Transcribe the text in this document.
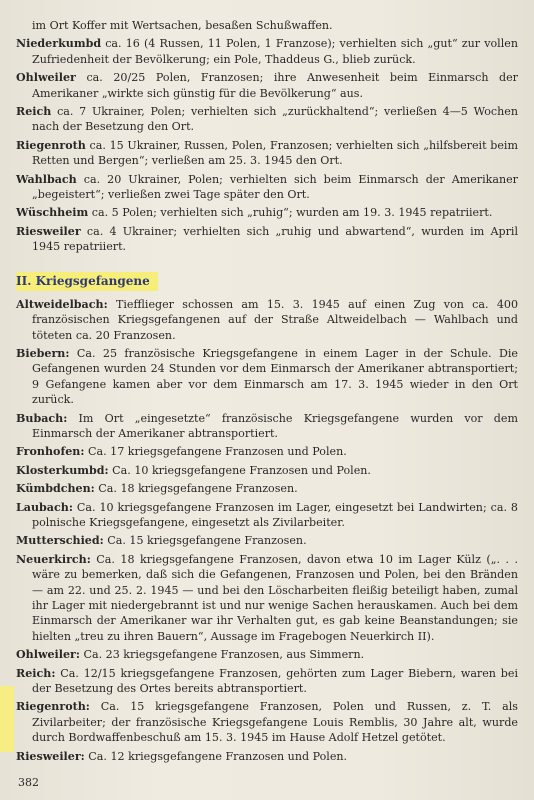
im Ort Koffer mit Wertsachen, besaßen Schußwaffen.

Niederkumbd ca. 16 (4 Russen, 11 Polen, 1 Franzose); verhielten sich „gut“ zur vollen Zufriedenheit der Bevölkerung; ein Pole, Thaddeus G., blieb zurück.

Ohlweiler ca. 20/25 Polen, Franzosen; ihre Anwesenheit beim Einmarsch der Amerikaner „wirkte sich günstig für die Bevölkerung“ aus.

Reich ca. 7 Ukrainer, Polen; verhielten sich „zurückhaltend“; verließen 4—5 Wochen nach der Besetzung den Ort.

Riegenroth ca. 15 Ukrainer, Russen, Polen, Franzosen; verhielten sich „hilfsbereit beim Retten und Bergen“; verließen am 25. 3. 1945 den Ort.

Wahlbach ca. 20 Ukrainer, Polen; verhielten sich beim Einmarsch der Amerikaner „begeistert“; verließen zwei Tage später den Ort.

Wüschheim ca. 5 Polen; verhielten sich „ruhig“; wurden am 19. 3. 1945 repatriiert.

Riesweiler ca. 4 Ukrainer; verhielten sich „ruhig und abwartend“, wurden im April 1945 repatriiert.

II. Kriegsgefangene

Altweidelbach: Tiefflieger schossen am 15. 3. 1945 auf einen Zug von ca. 400 französischen Kriegsgefangenen auf der Straße Altweidelbach — Wahlbach und töteten ca. 20 Franzosen.

Biebern: Ca. 25 französische Kriegsgefangene in einem Lager in der Schule. Die Gefangenen wurden 24 Stunden vor dem Einmarsch der Amerikaner abtransportiert; 9 Gefangene kamen aber vor dem Einmarsch am 17. 3. 1945 wieder in den Ort zurück.

Bubach: Im Ort „eingesetzte“ französische Kriegsgefangene wurden vor dem Einmarsch der Amerikaner abtransportiert.

Fronhofen: Ca. 17 kriegsgefangene Franzosen und Polen.

Klosterkumbd: Ca. 10 kriegsgefangene Franzosen und Polen.

Kümbdchen: Ca. 18 kriegsgefangene Franzosen.

Laubach: Ca. 10 kriegsgefangene Franzosen im Lager, eingesetzt bei Landwirten; ca. 8 polnische Kriegsgefangene, eingesetzt als Zivilarbeiter.

Mutterschied: Ca. 15 kriegsgefangene Franzosen.

Neuerkirch: Ca. 18 kriegsgefangene Franzosen, davon etwa 10 im Lager Külz („. . . wäre zu bemerken, daß sich die Gefangenen, Franzosen und Polen, bei den Bränden — am 22. und 25. 2. 1945 — und bei den Löscharbeiten fleißig beteiligt haben, zumal ihr Lager mit niedergebrannt ist und nur wenige Sachen herauskamen. Auch bei dem Einmarsch der Amerikaner war ihr Verhalten gut, es gab keine Beanstandungen; sie hielten „treu zu ihren Bauern“, Aussage im Fragebogen Neuerkirch II).

Ohlweiler: Ca. 23 kriegsgefangene Franzosen, aus Simmern.

Reich: Ca. 12/15 kriegsgefangene Franzosen, gehörten zum Lager Biebern, waren bei der Besetzung des Ortes bereits abtransportiert.

Riegenroth: Ca. 15 kriegsgefangene Franzosen, Polen und Russen, z. T. als Zivilarbeiter; der französische Kriegsgefangene Louis Remblis, 30 Jahre alt, wurde durch Bordwaffenbeschuß am 15. 3. 1945 im Hause Adolf Hetzel getötet.

Riesweiler: Ca. 12 kriegsgefangene Franzosen und Polen.

382
